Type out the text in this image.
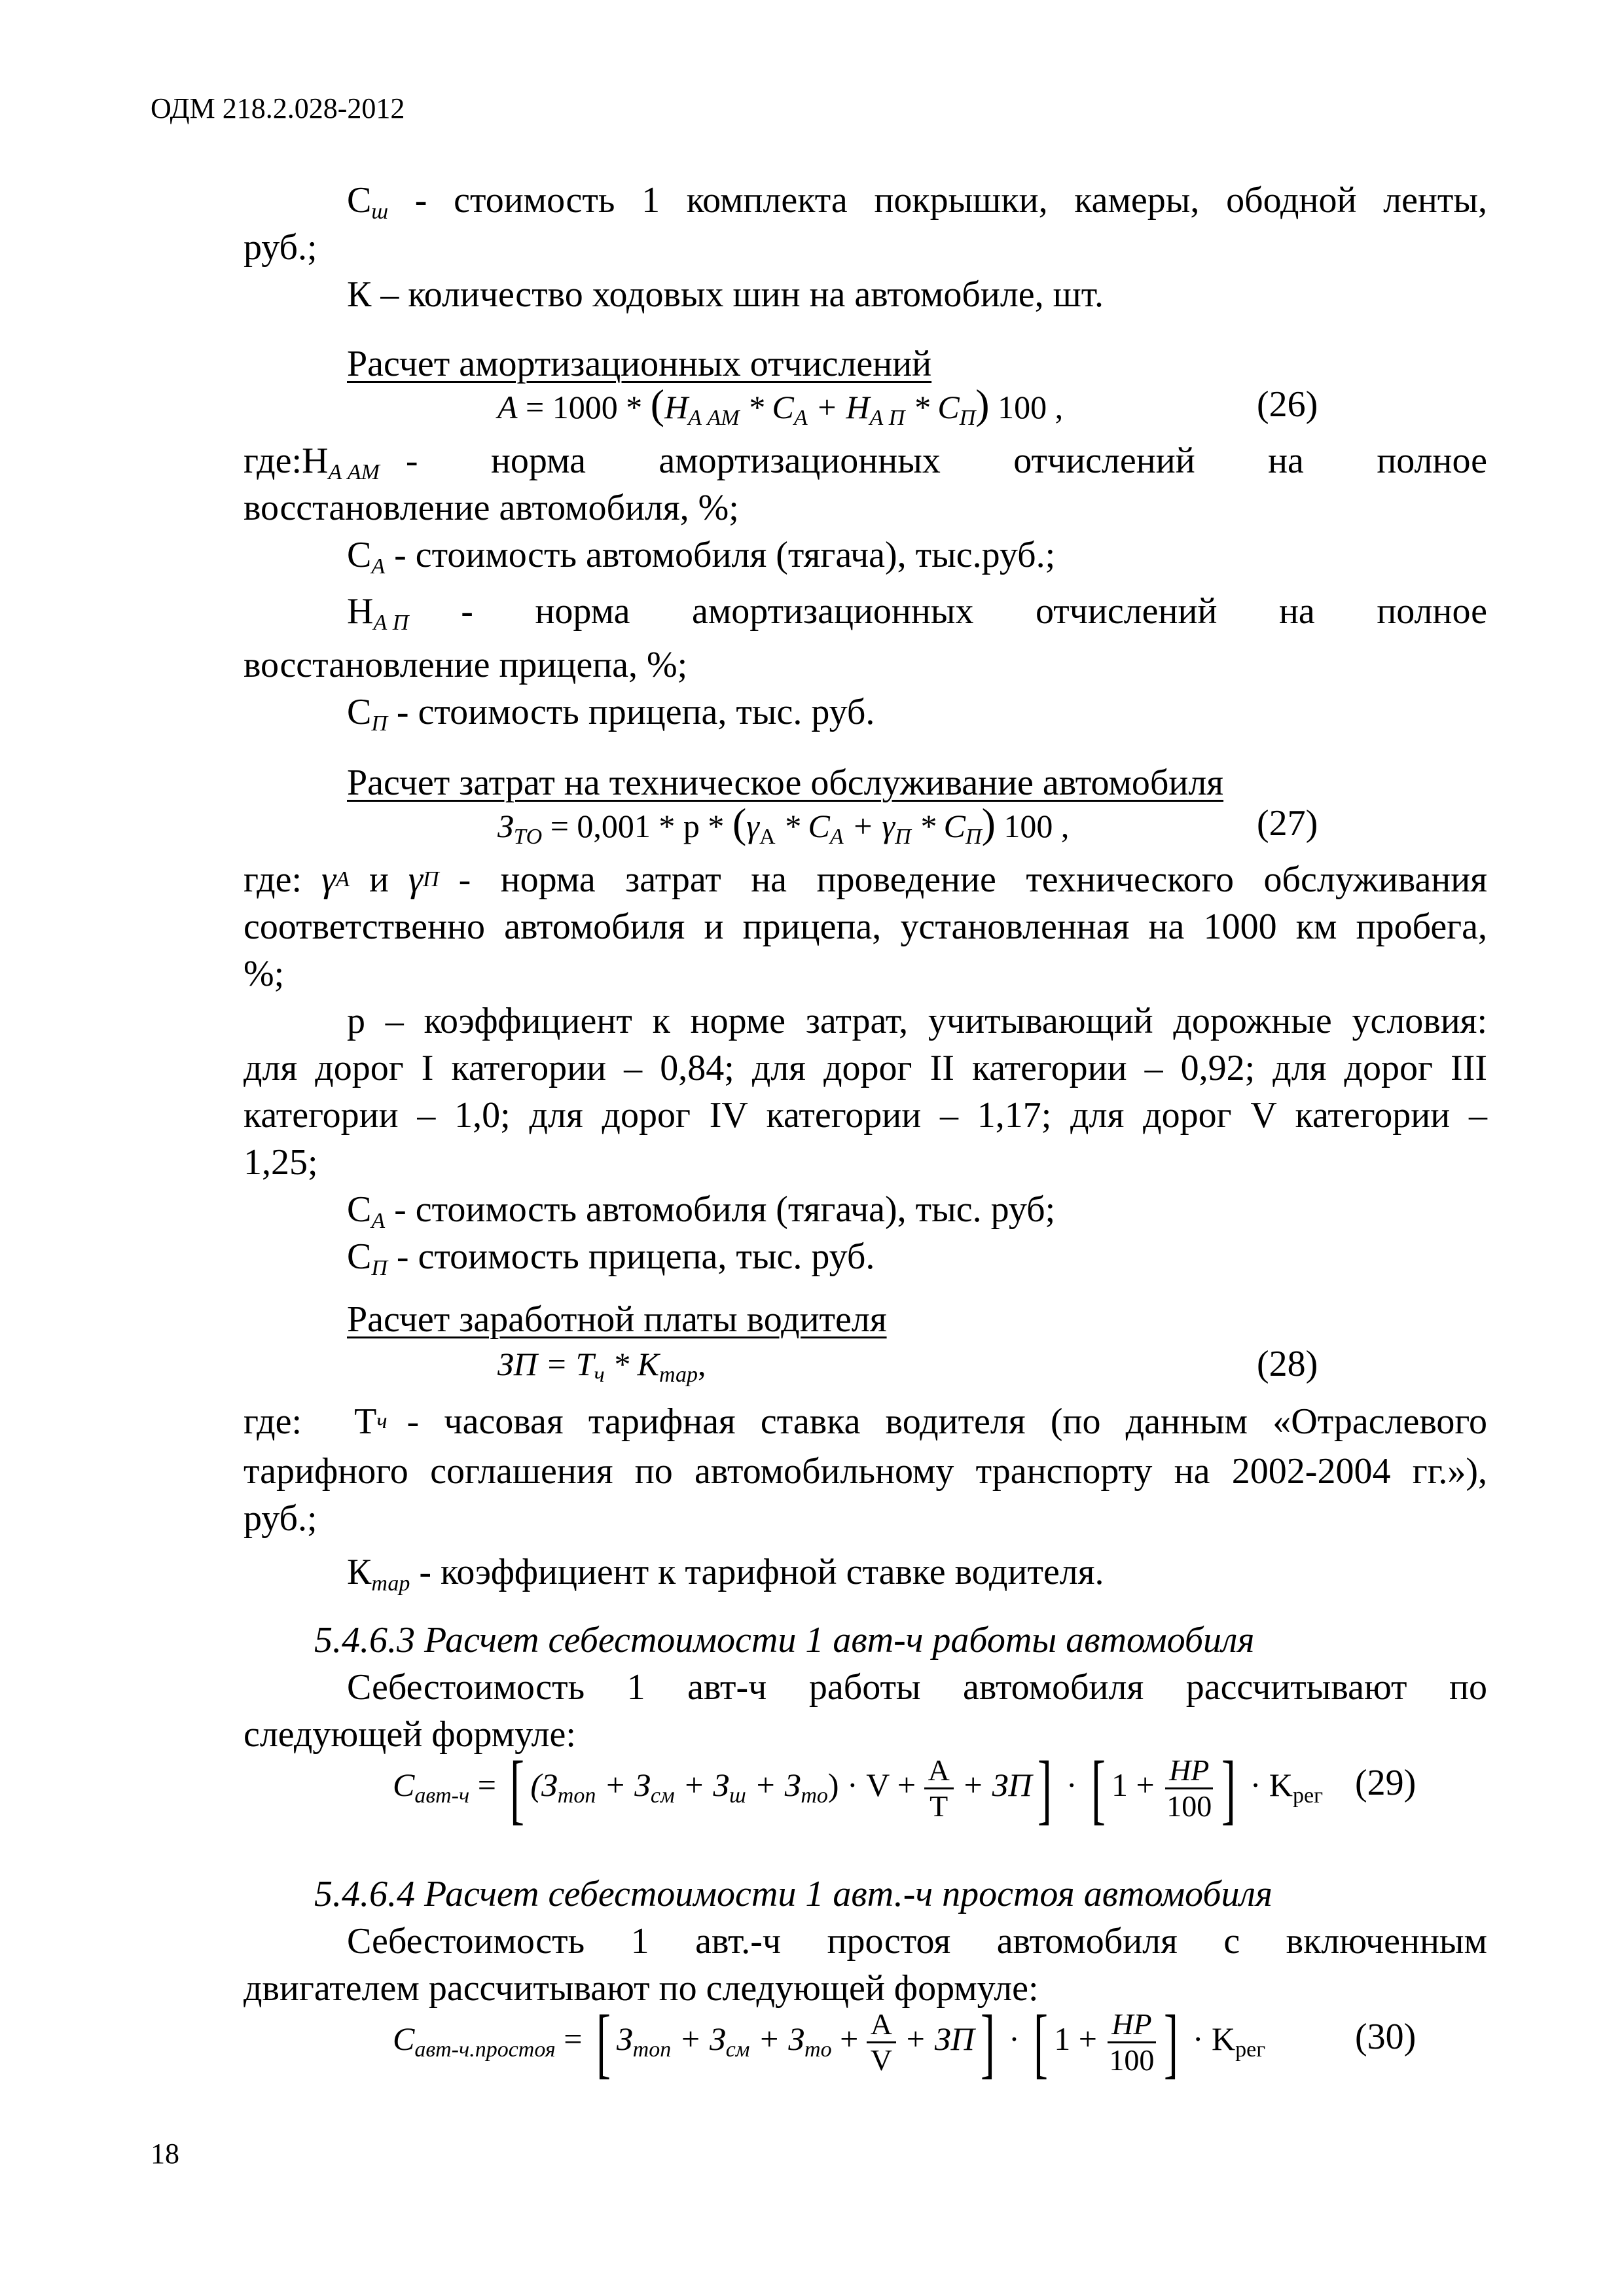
ОДМ 218.2.028-2012
$С_ш$ - стоимость 1 комплекта покрышки, камеры, ободной ленты,
руб.;
К – количество ходовых шин на автомобиле, шт.
Расчет амортизационных отчислений
$A = 1000 * (H_{А АМ} * C_А + H_{А П} * C_П)$ 100 ,	(26)
где: $Н_{А АМ}$ - норма амортизационных отчислений на полное
восстановление автомобиля, %;
$С_А$ - стоимость автомобиля (тягача), тыс.руб.;
$Н_{А П}$ - норма амортизационных отчислений на полное
восстановление прицепа, %;
$С_П$ - стоимость прицепа, тыс. руб.
Расчет затрат на техническое обслуживание автомобиля
$З_{ТО} = 0,001 * p * (\gamma_А * C_А + \gamma_П * C_П)$ 100 ,	(27)
где: γ А и γ П - норма затрат на проведение технического обслуживания
соответственно автомобиля и прицепа, установленная на 1000 км пробега,
%;
р – коэффициент к норме затрат, учитывающий дорожные условия:
для дорог I категории – 0,84; для дорог II категории – 0,92; для дорог III
категории – 1,0; для дорог IV категории – 1,17; для дорог V категории –
1,25;
$С_А$ - стоимость автомобиля (тягача), тыс. руб;
$С_П$ - стоимость прицепа, тыс. руб.
Расчет заработной платы водителя
ЗП = $T_ч * K_{тар}$,	(28)
где: Т ч - часовая тарифная ставка водителя (по данным «Отраслевого
тарифного соглашения по автомобильному транспорту на 2002-2004 гг.»),
руб.;
$К_{тар}$ - коэффициент к тарифной ставке водителя.
5.4.6.3 Расчет себестоимости 1 авт-ч работы автомобиля
Себестоимость 1 авт-ч работы автомобиля рассчитывают по
следующей формуле:
$C_{авт-ч}$ = [ $(З_{топ} + З_{см} + З_ш + З_{то}) \cdot V + \frac{A}{T} + ЗП$] · [ $1 + \frac{HP}{100}$ ] · $K_{рег}$ (29)
5.4.6.4 Расчет себестоимости 1 авт.-ч простоя автомобиля
Себестоимость 1 авт.-ч простоя автомобиля с включенным
двигателем рассчитывают по следующей формуле:
$C_{авт-ч.простоя}$ = [ $З_{топ} + З_{см} + З_{то} + \frac{A}{V} + ЗП$] · [ $1 + \frac{HP}{100}$ ] · $K_{рег}$ (30)
18
